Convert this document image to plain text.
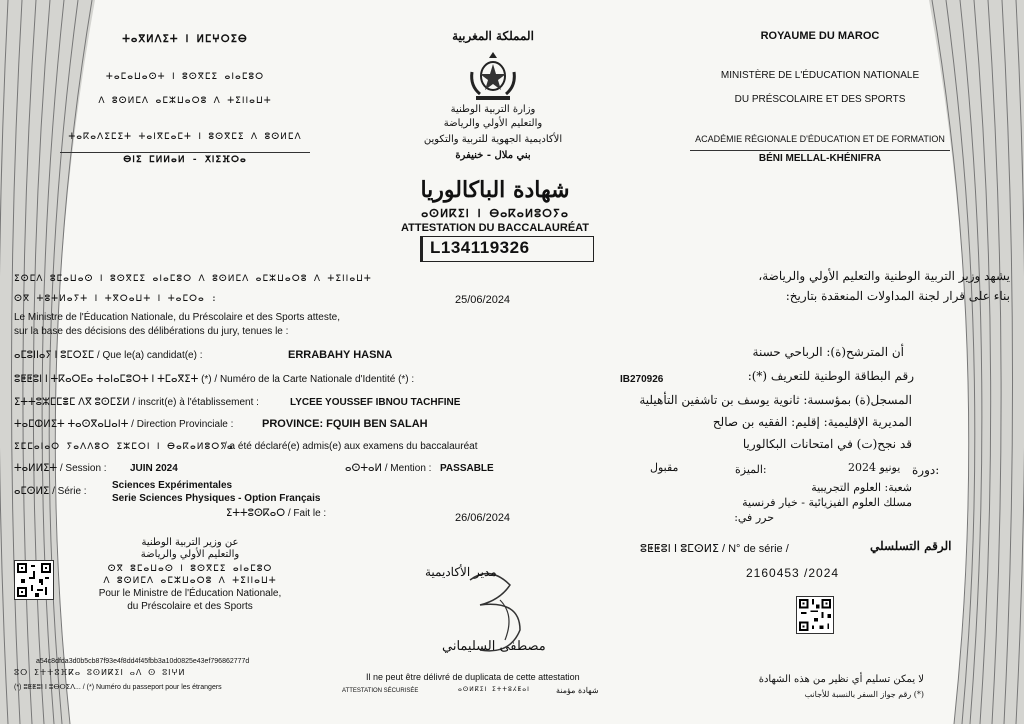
ⵜⴰⴳⵍⴷⵉⵜ ⵏ ⵍⵎⵖⵔⵉⴱ
ⵜⴰⵎⴰⵡⴰⵙⵜ ⵏ ⵓⵙⴳⵎⵉ ⴰⵏⴰⵎⵓⵔ
ⴷ ⵓⵙⵍⵎⴷ ⴰⵎⵣⵡⴰⵔⵓ ⴷ ⵜⵉⵏⵏⴰⵡⵜ
ⵜⴰⴽⴰⴷⵉⵎⵉⵜ ⵜⴰⵏⴳⵎⴰⵎⵜ ⵏ ⵓⵙⴳⵎⵉ ⴷ ⵓⵙⵍⵎⴷ
ⴱⵏⵉ ⵎⵍⵍⴰⵍ - ⵅⵏⵉⴼⵔⴰ
المملكة المغربية
وزارة التربية الوطنية
والتعليم الأولي والرياضة
الأكاديمية الجهوية للتربية والتكوين
بني ملال - خنيفرة
ROYAUME DU MAROC
MINISTÈRE DE L'ÉDUCATION NATIONALE
DU PRÉSCOLAIRE ET DES SPORTS
ACADÉMIE RÉGIONALE D'ÉDUCATION ET DE FORMATION
BÉNI MELLAL-KHÉNIFRA
شهادة الباكالوريا
ⴰⵙⵍⴽⵉⵏ ⵏ ⴱⴰⴽⴰⵍⵓⵔⵢⴰ
ATTESTATION DU BACCALAURÉAT
L134119326
ⵉⵙⵎⴷ ⵓⵎⴰⵡⴰⵙ ⵏ ⵓⵙⴳⵎⵉ ⴰⵏⴰⵎⵓⵔ ⴷ ⵓⵙⵍⵎⴷ ⴰⵎⵣⵡⴰⵔⵓ ⴷ ⵜⵉⵏⵏⴰⵡⵜ
ⵙⴳ ⵜⵓⵜⵍⴰⵢⵜ ⵏ ⵜⴳⵔⴰⵡⵜ ⵏ ⵜⴰⵎⵔⴰ :	25/06/2024
يشهد وزير التربية الوطنية والتعليم الأولي والرياضة،
بناء على قرار لجنة المداولات المنعقدة بتاريخ:
Le Ministre de l'Éducation Nationale, du Préscolaire et des Sports atteste,
sur la base des décisions des délibérations du jury, tenues le :
ⴰⵎⵓⵏⵏⴰⵢ ⵏ ⵓⵎⵔⵉⵎ / Que le(a) candidat(e) :	ERRABAHY HASNA	أن المترشح(ة): الرباحي حسنة
ⵓⵟⵟⵓⵏ ⵏ ⵜⴽⴰⵔⴹⴰ ⵜⴰⵏⴰⵎⵓⵔⵜ ⵏ ⵜⵎⴰⴳⵉⵜ (*) / Numéro de la Carte Nationale d'Identité (*) :	IB270926	رقم البطاقة الوطنية للتعريف (*):
ⵉⵜⵜⵓⵣⵎⵎⴻⵎ ⴷⴳ ⵓⵙⵎⵉⵍ / inscrit(e) à l'établissement :	LYCEE YOUSSEF IBNOU TACHFINE	المسجل(ة) بمؤسسة: ثانوية يوسف بن تاشفين التأهيلية
ⵜⴰⵎⵀⵍⵉⵜ ⵜⴰⵙⴳⴰⵡⴰⵏⵜ / Direction Provinciale :	PROVINCE: FQUIH BEN SALAH	المديرية الإقليمية: إقليم: الفقيه بن صالح
ⵉⵎⵎⴰⵏⴰⵔ ⵢⴰⴷⴷⵓⵔ ⵉⵣⵎⵔⵏ ⵏ ⴱⴰⴽⴰⵍⵓⵔⵢⴰ
/ a été déclaré(e) admis(e) aux examens du baccalauréat	قد نجح(ت) في امتحانات البكالوريا
ⵜⴰⵍⵍⵉⵜ / Session : JUIN 2024	ⴰⵙⵜⴰⵍ / Mention : PASSABLE	مقبول	الميزة:	يونيو 2024 دورة:
ⴰⵎⵙⵍⵉ / Série :
Sciences Expérimentales
Serie Sciences Physiques - Option Français
ⵉⵜⵜⵓⵙⴽⴰⵔ / Fait le :	26/06/2024
شعبة: العلوم التجريبية
مسلك العلوم الفيزيائية - خيار فرنسية
حرر في:
ⵓⵟⵟⵓⵏ ⵏ ⵓⵎⵙⵍⵉ / N° de série /	الرقم التسلسلي
2160453 /2024
عن وزير التربية الوطنية
والتعليم الأولي والرياضة
ⵙⴳ ⵓⵎⴰⵡⴰⵙ ⵏ ⵓⵙⴳⵎⵉ ⴰⵏⴰⵎⵓⵔ
ⴷ ⵓⵙⵍⵎⴷ ⴰⵎⵣⵡⴰⵔⵓ ⴷ ⵜⵉⵏⵏⴰⵡⵜ
Pour le Ministre de l'Éducation Nationale,
du Préscolaire et des Sports
مدير الأكاديمية
مصطفى السليماني
a54c8dfda3d0b5cb87f93e4f8dd4f45fbb3a10d0825e43ef796862777d
ⵓⵔ ⵉⵜⵜⵓⴼⴽⴰ ⵓⵙⵍⴽⵉⵏ ⴰⴷ ⵙ ⵓⵏⵖⵍ
(*) ⵓⵟⵟⵓⵏ ⵏ ⵓⴱⵔⵉⴷ... / (*) Numéro du passeport pour les étrangers
Il ne peut être délivré de duplicata de cette attestation
ATTESTATION SÉCURISÉE	ⴰⵙⵍⴽⵉⵏ ⵉⵜⵜⵓⵃⵟⴰⵏ	شهادة مؤمنة
لا يمكن تسليم أي نظير من هذه الشهادة
(*) رقم جواز السفر بالنسبة للأجانب
